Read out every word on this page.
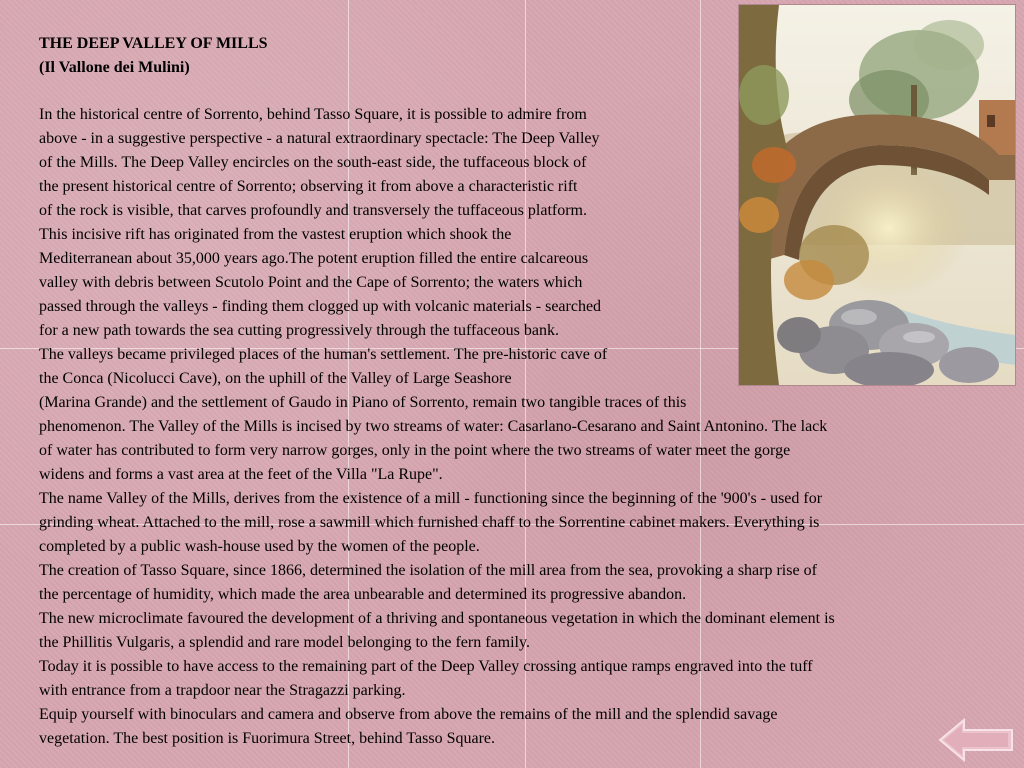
THE DEEP VALLEY OF MILLS
(Il Vallone dei Mulini)

In the historical centre of Sorrento, behind Tasso Square, it is possible to admire from

above - in a suggestive perspective - a natural extraordinary spectacle: The Deep Valley

of the Mills. The Deep Valley encircles on the south-east side, the tuffaceous block of

the present historical centre of Sorrento; observing it from above a characteristic rift

of the rock is visible, that carves profoundly and transversely the tuffaceous platform.

This incisive rift has originated from the vastest eruption which shook the

Mediterranean about 35,000 years ago.The potent eruption filled the entire calcareous

valley with debris between Scutolo Point and the Cape of Sorrento; the waters which

passed through the valleys - finding them clogged up with volcanic materials - searched

for a new path towards the sea cutting progressively through the tuffaceous bank.

The valleys became privileged places of the human's settlement. The pre-historic cave of

the Conca (Nicolucci Cave), on the uphill of the Valley of Large Seashore

(Marina Grande) and the settlement of Gaudo in Piano of Sorrento, remain two tangible traces of this

phenomenon. The Valley of the Mills is incised by two streams of water: Casarlano-Cesarano and Saint Antonino. The lack

of water has contributed to form very narrow gorges, only in the point where the two streams of water meet the gorge

widens and forms a vast area at the feet of the Villa "La Rupe".

The name Valley of the Mills, derives from the existence of a mill - functioning since the beginning of the '900's - used for

grinding wheat. Attached to the mill, rose a sawmill which furnished chaff to the Sorrentine cabinet makers. Everything is

completed by a public wash-house used by the women of the people.

The creation of Tasso Square, since 1866, determined the isolation of the mill area from the sea, provoking a sharp rise of

the percentage of humidity, which made the area unbearable and determined its progressive abandon.

The new microclimate favoured the development of a thriving and spontaneous vegetation in which the dominant element is

the Phillitis Vulgaris, a splendid and rare model belonging to the fern family.

Today it is possible to have access to the remaining part of the Deep Valley crossing antique ramps engraved into the tuff

with entrance from a trapdoor near the Stragazzi parking.

Equip yourself with binoculars and camera and observe from above the remains of the mill and the splendid savage

vegetation. The best position is Fuorimura Street, behind Tasso Square.
